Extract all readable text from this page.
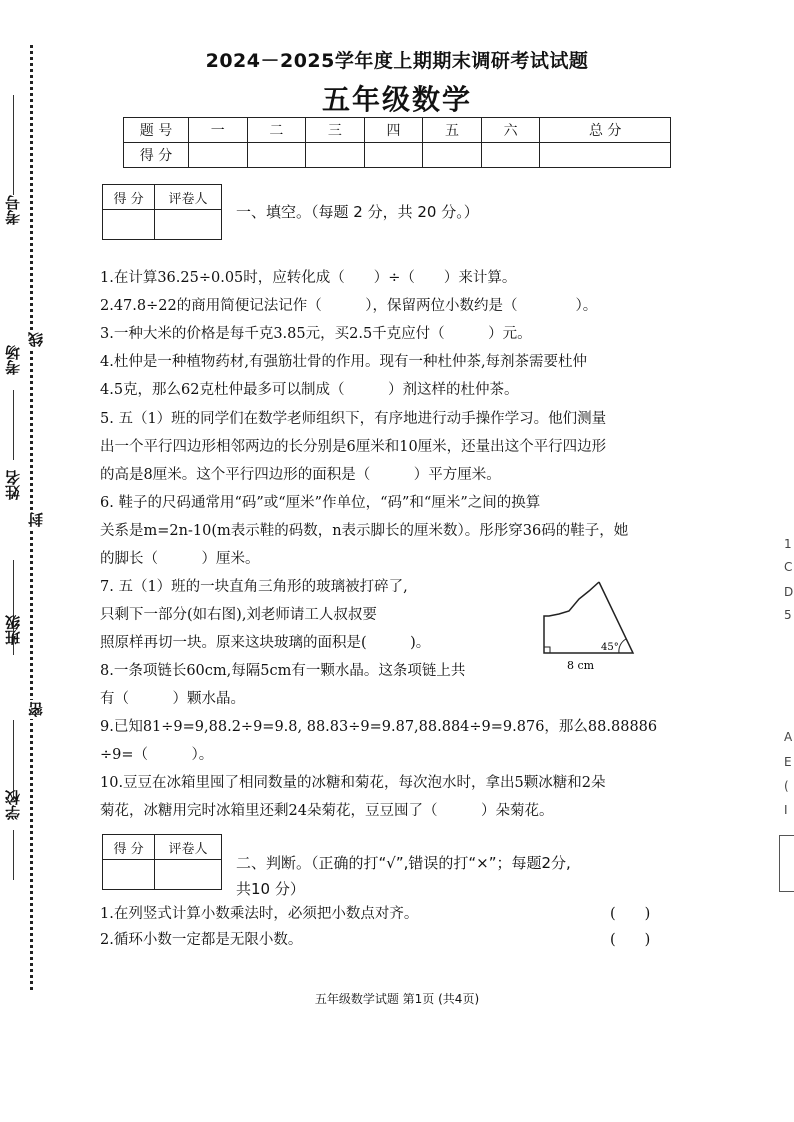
考号
考场
姓名
班级
学校
线
封
密
2024－2025学年度上期期末调研考试试题
五年级数学
题 号	一	二	三	四	五	六	总 分
得 分							
得 分	评卷人

一、填空。（每题 2 分，共 20 分。）
1.在计算36.25÷0.05时，应转化成（　　）÷（　　）来计算。
2.47.8÷22的商用简便记法记作（　　　），保留两位小数约是（　　　　）。
3.一种大米的价格是每千克3.85元，买2.5千克应付（　　　）元。
4.杜仲是一种植物药材,有强筋壮骨的作用。现有一种杜仲茶,每剂茶需要杜仲
4.5克，那么62克杜仲最多可以制成（　　　）剂这样的杜仲茶。
5. 五（1）班的同学们在数学老师组织下，有序地进行动手操作学习。他们测量
出一个平行四边形相邻两边的长分别是6厘米和10厘米，还量出这个平行四边形
的高是8厘米。这个平行四边形的面积是（　　　）平方厘米。
6. 鞋子的尺码通常用“码”或“厘米”作单位，“码”和“厘米”之间的换算
关系是m=2n-10(m表示鞋的码数，n表示脚长的厘米数）。彤彤穿36码的鞋子，她
的脚长（　　　）厘米。
7. 五（1）班的一块直角三角形的玻璃被打碎了,
只剩下一部分(如右图),刘老师请工人叔叔要
照原样再切一块。原来这块玻璃的面积是(　　　)。
8.一条项链长60cm,每隔5cm有一颗水晶。这条项链上共
有（　　　）颗水晶。
9.已知81÷9=9,88.2÷9=9.8, 88.83÷9=9.87,88.884÷9=9.876，那么88.88886
÷9=（　　　）。
10.豆豆在冰箱里囤了相同数量的冰糖和菊花，每次泡水时，拿出5颗冰糖和2朵
菊花，冰糖用完时冰箱里还剩24朵菊花，豆豆囤了（　　　）朵菊花。
45°
8 cm
得 分	评卷人

二、判断。（正确的打“√”,错误的打“×”；每题2分,
共10 分）
1.在列竖式计算小数乘法时，必须把小数点对齐。	(　　)
2.循环小数一定都是无限小数。	(　　)
1
C
D
5
A
E
(
I
五年级数学试题 第1页 (共4页)
